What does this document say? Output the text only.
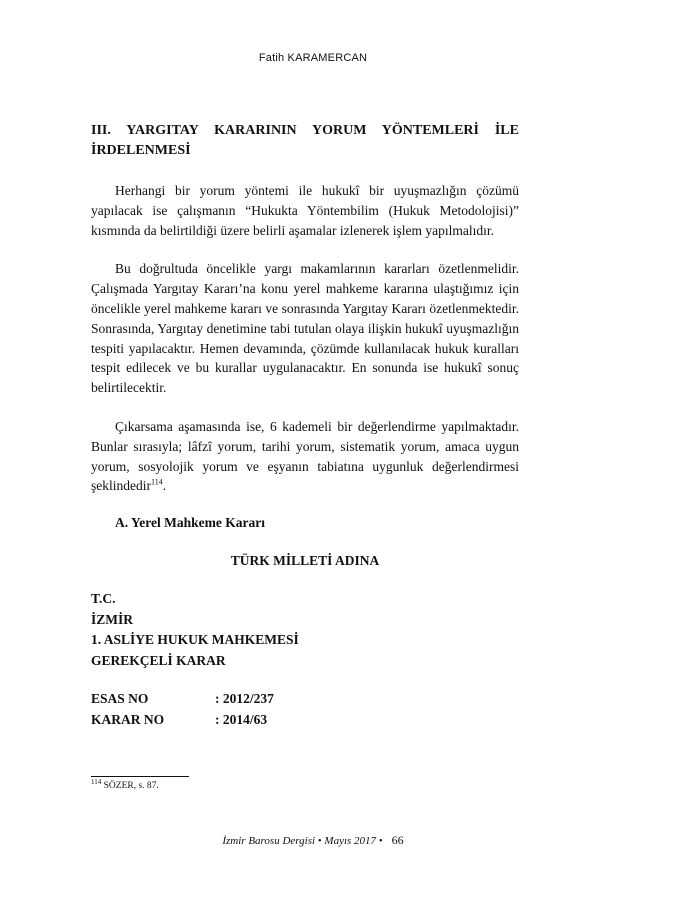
Fatih KARAMERCAN
III. YARGITAY KARARININ YORUM YÖNTEMLERİ İLE İRDELENMESİ

Herhangi bir yorum yöntemi ile hukukî bir uyuşmazlığın çözümü yapılacak ise çalışmanın “Hukukta Yöntembilim (Hukuk Metodolojisi)” kısmında da belirtildiği üzere belirli aşamalar izlenerek işlem yapılmalıdır.

Bu doğrultuda öncelikle yargı makamlarının kararları özetlenmelidir. Çalışmada Yargıtay Kararı’na konu yerel mahkeme kararına ulaştığımız için öncelikle yerel mahkeme kararı ve sonrasında Yargıtay Kararı özetlenmektedir. Sonrasında, Yargıtay denetimine tabi tutulan olaya ilişkin hukukî uyuşmazlığın tespiti yapılacaktır. Hemen devamında, çözümde kullanılacak hukuk kuralları tespit edilecek ve bu kurallar uygulanacaktır. En sonunda ise hukukî sonuç belirtilecektir.

Çıkarsama aşamasında ise, 6 kademeli bir değerlendirme yapılmaktadır. Bunlar sırasıyla; lâfzî yorum, tarihi yorum, sistematik yorum, amaca uygun yorum, sosyolojik yorum ve eşyanın tabiatına uygunluk değerlendirmesi şeklindedir$^{114}$.

A. Yerel Mahkeme Kararı
TÜRK MİLLETİ ADINA
T.C.
İZMİR
1. ASLİYE HUKUK MAHKEMESİ
GEREKÇELİ KARAR
ESAS NO	: 2012/237
KARAR NO	: 2014/63
$^{114}$ SÖZER, s. 87.
İzmir Barosu Dergisi • Mayıs 2017 • 66
